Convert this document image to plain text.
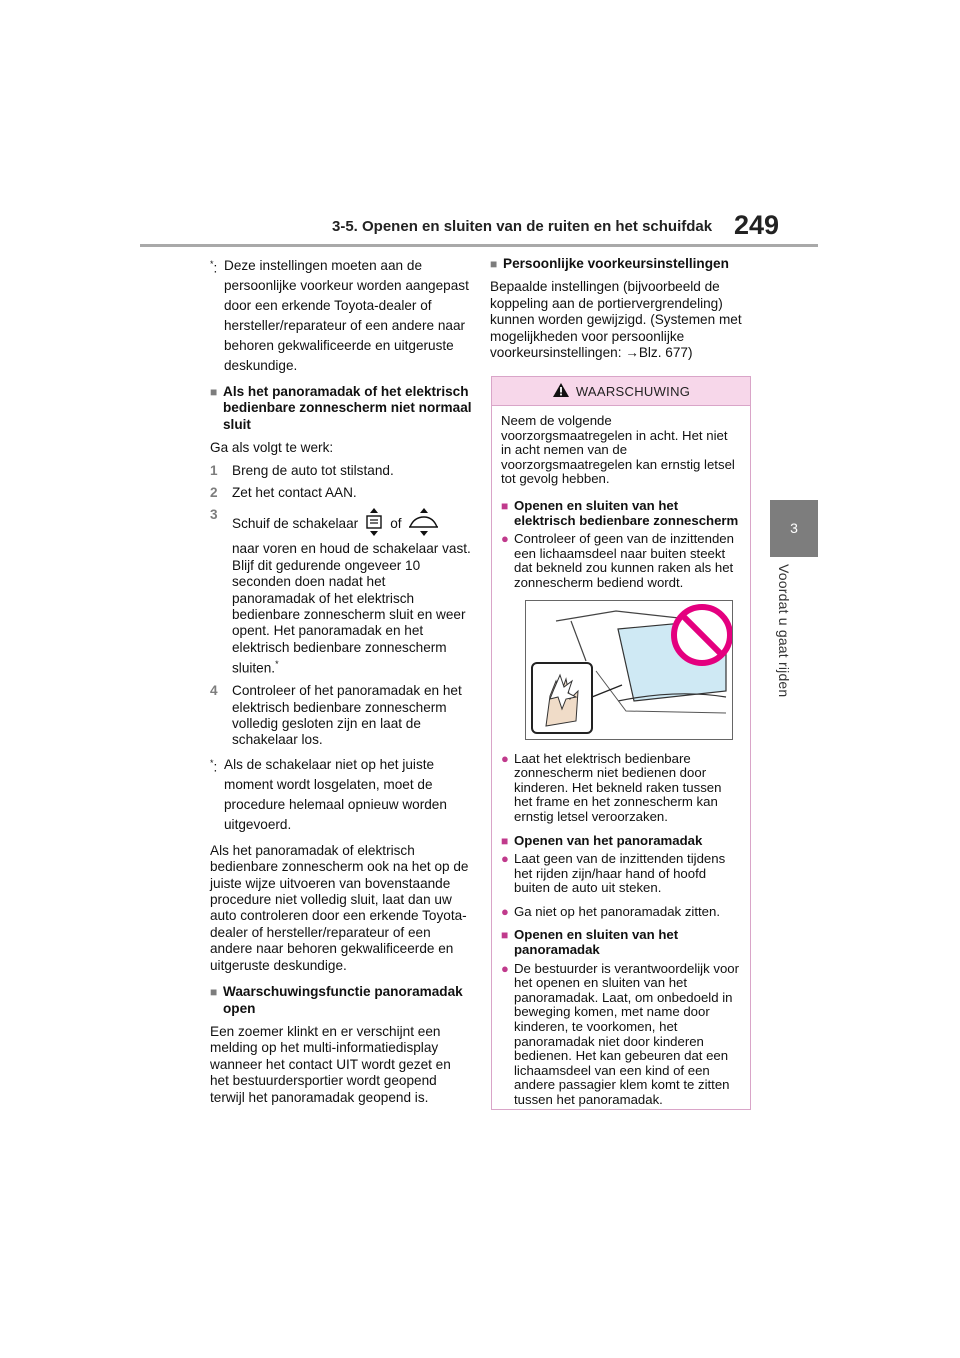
3-5. Openen en sluiten van de ruiten en het schuifdak 249
3
Voordat u gaat rijden
*: Deze instellingen moeten aan de persoonlijke voorkeur worden aangepast door een erkende Toyota-dealer of hersteller/reparateur of een andere naar behoren gekwalificeerde en uitgeruste deskundige.
■ Als het panoramadak of het elektrisch bedienbare zonnescherm niet normaal sluit

Ga als volgt te werk:

1	Breng de auto tot stilstand.
2	Zet het contact AAN.
3
Schuif de schakelaar of
naar voren en houd de schakelaar vast. Blijf dit gedurende ongeveer 10 seconden doen nadat het panoramadak of het elektrisch bedienbare zonnescherm sluit en weer opent. Het panoramadak en het elektrisch bedienbare zonnescherm sluiten.*
4	Controleer of het panoramadak en het elektrisch bedienbare zonnescherm volledig gesloten zijn en laat de schakelaar los.
*: Als de schakelaar niet op het juiste moment wordt losgelaten, moet de procedure helemaal opnieuw worden uitgevoerd.

Als het panoramadak of elektrisch bedienbare zonnescherm ook na het op de juiste wijze uitvoeren van bovenstaande procedure niet volledig sluit, laat dan uw auto controleren door een erkende Toyota-dealer of hersteller/reparateur of een andere naar behoren gekwalificeerde en uitgeruste deskundige.

■ Waarschuwingsfunctie panoramadak open

Een zoemer klinkt en er verschijnt een melding op het multi-informatiedisplay wanneer het contact UIT wordt gezet en het bestuurdersportier wordt geopend terwijl het panoramadak geopend is.

■ Persoonlijke voorkeursinstellingen

Bepaalde instellingen (bijvoorbeeld de koppeling aan de portiervergrendeling) kunnen worden gewijzigd. (Systemen met mogelijkheden voor persoonlijke voorkeursinstellingen: →Blz. 677)

WAARSCHUWING

Neem de volgende voorzorgsmaatregelen in acht. Het niet in acht nemen van de voorzorgsmaatregelen kan ernstig letsel tot gevolg hebben.

■ Openen en sluiten van het elektrisch bedienbare zonnescherm
● Controleer of geen van de inzittenden een lichaamsdeel naar buiten steekt dat bekneld zou kunnen raken als het zonnescherm bediend wordt.
● Laat het elektrisch bedienbare zonnescherm niet bedienen door kinderen. Het bekneld raken tussen het frame en het zonnescherm kan ernstig letsel veroorzaken.
■ Openen van het panoramadak
● Laat geen van de inzittenden tijdens het rijden zijn/haar hand of hoofd buiten de auto uit steken.
● Ga niet op het panoramadak zitten.
■ Openen en sluiten van het panoramadak
● De bestuurder is verantwoordelijk voor het openen en sluiten van het panoramadak. Laat, om onbedoeld in beweging komen, met name door kinderen, te voorkomen, het panoramadak niet door kinderen bedienen. Het kan gebeuren dat een lichaamsdeel van een kind of een andere passagier klem komt te zitten tussen het panoramadak.
